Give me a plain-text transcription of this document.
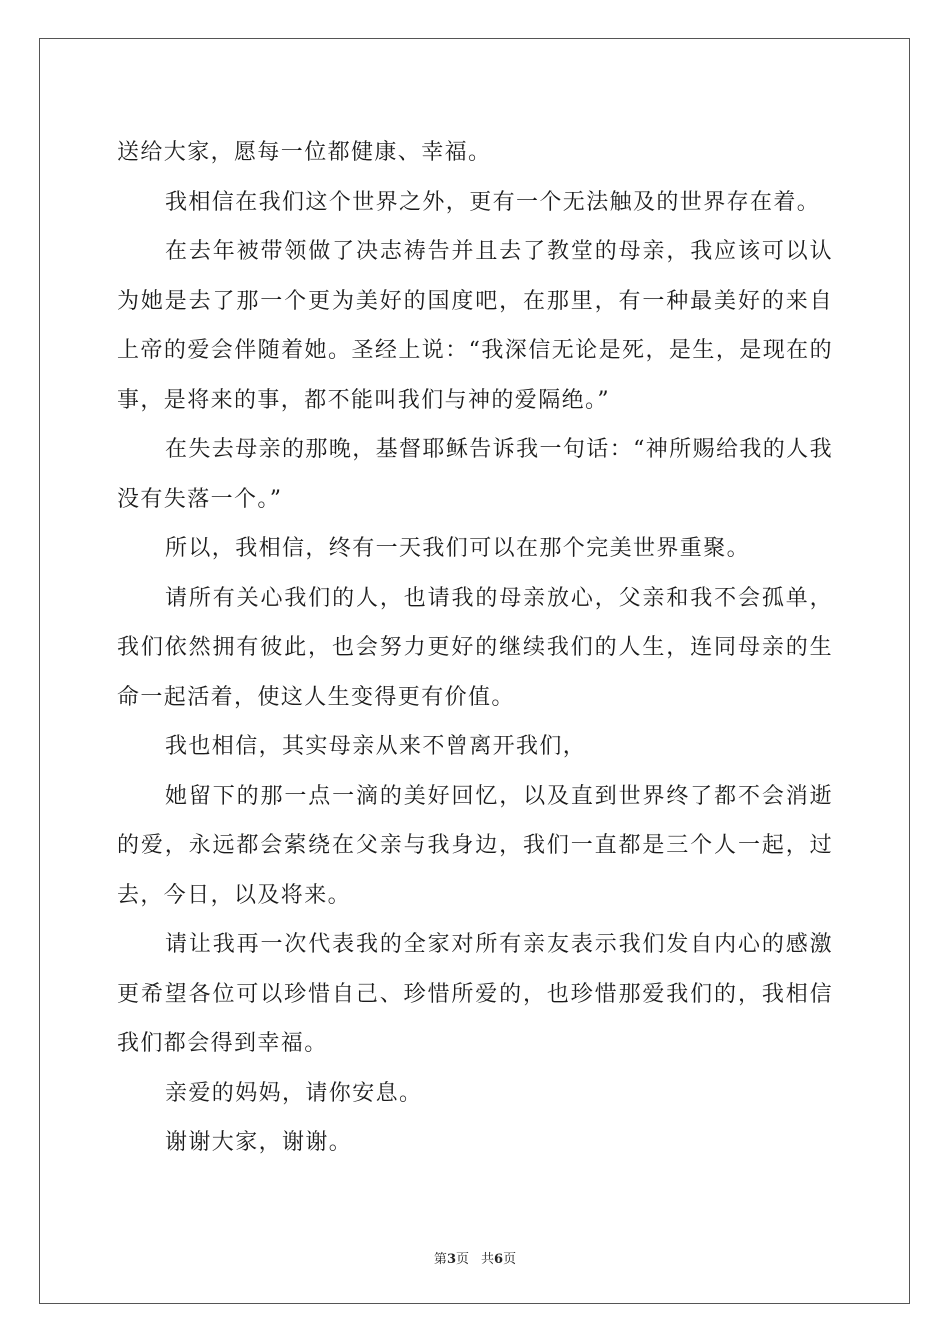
送给大家，愿每一位都健康、幸福。

我相信在我们这个世界之外，更有一个无法触及的世界存在着。

在去年被带领做了决志祷告并且去了教堂的母亲，我应该可以认为她是去了那一个更为美好的国度吧，在那里，有一种最美好的来自上帝的爱会伴随着她。圣经上说：“我深信无论是死，是生，是现在的事，是将来的事，都不能叫我们与神的爱隔绝。”

在失去母亲的那晚，基督耶稣告诉我一句话：“神所赐给我的人我没有失落一个。”

所以，我相信，终有一天我们可以在那个完美世界重聚。

请所有关心我们的人，也请我的母亲放心，父亲和我不会孤单，我们依然拥有彼此，也会努力更好的继续我们的人生，连同母亲的生命一起活着，使这人生变得更有价值。

我也相信，其实母亲从来不曾离开我们，

她留下的那一点一滴的美好回忆，以及直到世界终了都不会消逝的爱，永远都会萦绕在父亲与我身边，我们一直都是三个人一起，过去，今日，以及将来。

请让我再一次代表我的全家对所有亲友表示我们发自内心的感激更希望各位可以珍惜自己、珍惜所爱的，也珍惜那爱我们的，我相信我们都会得到幸福。

亲爱的妈妈，请你安息。

谢谢大家，谢谢。

第3页 共6页
